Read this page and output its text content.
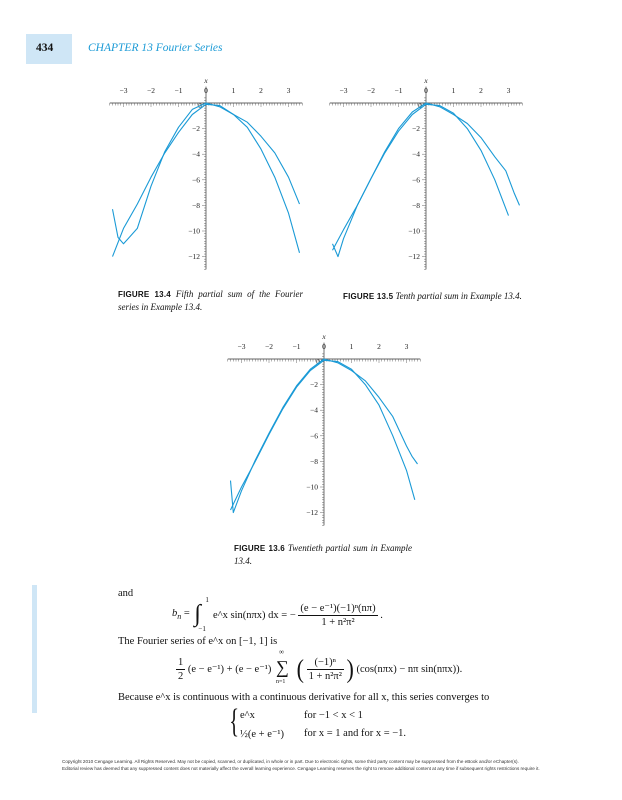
434	CHAPTER 13 Fourier Series
−3	−2	−1	0	1	2	3
x
0
−2
−4
−6
−8
−10
−12
−3	−2	−1	0	1	2	3
x
0
−2
−4
−6
−8
−10
−12
−3	−2	−1	0	1	2	3
x
0
−2
−4
−6
−8
−10
−12
FIGURE 13.4 Fifth partial sum of the Fourier series in Example 13.4.
FIGURE 13.5 Tenth partial sum in Example 13.4.
FIGURE 13.6 Twentieth partial sum in Example 13.4.
and
$b_n$ = ∫
1
−1
e^x sin(nπx) dx = − $\frac{\text{(e − e⁻¹)(−1)ⁿ(nπ)}}{\text{1 + n²π²}}$ .
The Fourier series of e^x on [−1, 1] is
$\frac{1}{2} (e - e^{-1}) + (e - e^{-1})$
∞
∑
n=1 ( $\frac{\text{(−1)ⁿ}}{\text{1 + n²π²}}$ ) (cos(nπx) − nπ sin(nπx)).
Because e^x is continuous with a continuous derivative for all x, this series converges to
{ e^x	for −1 < x < 1
½(e + e⁻¹) for x = 1 and for x = −1.
Copyright 2010 Cengage Learning. All Rights Reserved. May not be copied, scanned, or duplicated, in whole or in part. Due to electronic rights, some third party content may be suppressed from the eBook and/or eChapter(s).
Editorial review has deemed that any suppressed content does not materially affect the overall learning experience. Cengage Learning reserves the right to remove additional content at any time if subsequent rights restrictions require it.
